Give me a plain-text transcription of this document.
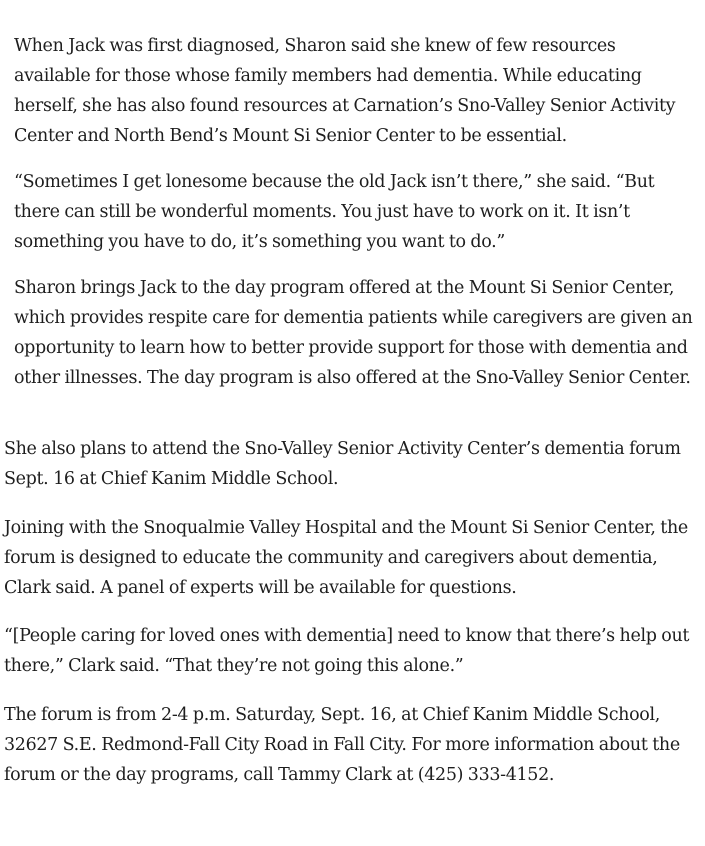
When Jack was first diagnosed, Sharon said she knew of few resources available for those whose family members had dementia. While educating herself, she has also found resources at Carnation’s Sno-Valley Senior Activity Center and North Bend’s Mount Si Senior Center to be essential.

“Sometimes I get lonesome because the old Jack isn’t there,” she said. “But there can still be wonderful moments. You just have to work on it. It isn’t something you have to do, it’s something you want to do.”

Sharon brings Jack to the day program offered at the Mount Si Senior Center, which provides respite care for dementia patients while caregivers are given an opportunity to learn how to better provide support for those with dementia and other illnesses. The day program is also offered at the Sno-Valley Senior Center.

She also plans to attend the Sno-Valley Senior Activity Center’s dementia forum Sept. 16 at Chief Kanim Middle School.

Joining with the Snoqualmie Valley Hospital and the Mount Si Senior Center, the forum is designed to educate the community and caregivers about dementia, Clark said. A panel of experts will be available for questions.

“[People caring for loved ones with dementia] need to know that there’s help out there,” Clark said. “That they’re not going this alone.”

The forum is from 2-4 p.m. Saturday, Sept. 16, at Chief Kanim Middle School, 32627 S.E. Redmond-Fall City Road in Fall City. For more information about the forum or the day programs, call Tammy Clark at (425) 333-4152.
